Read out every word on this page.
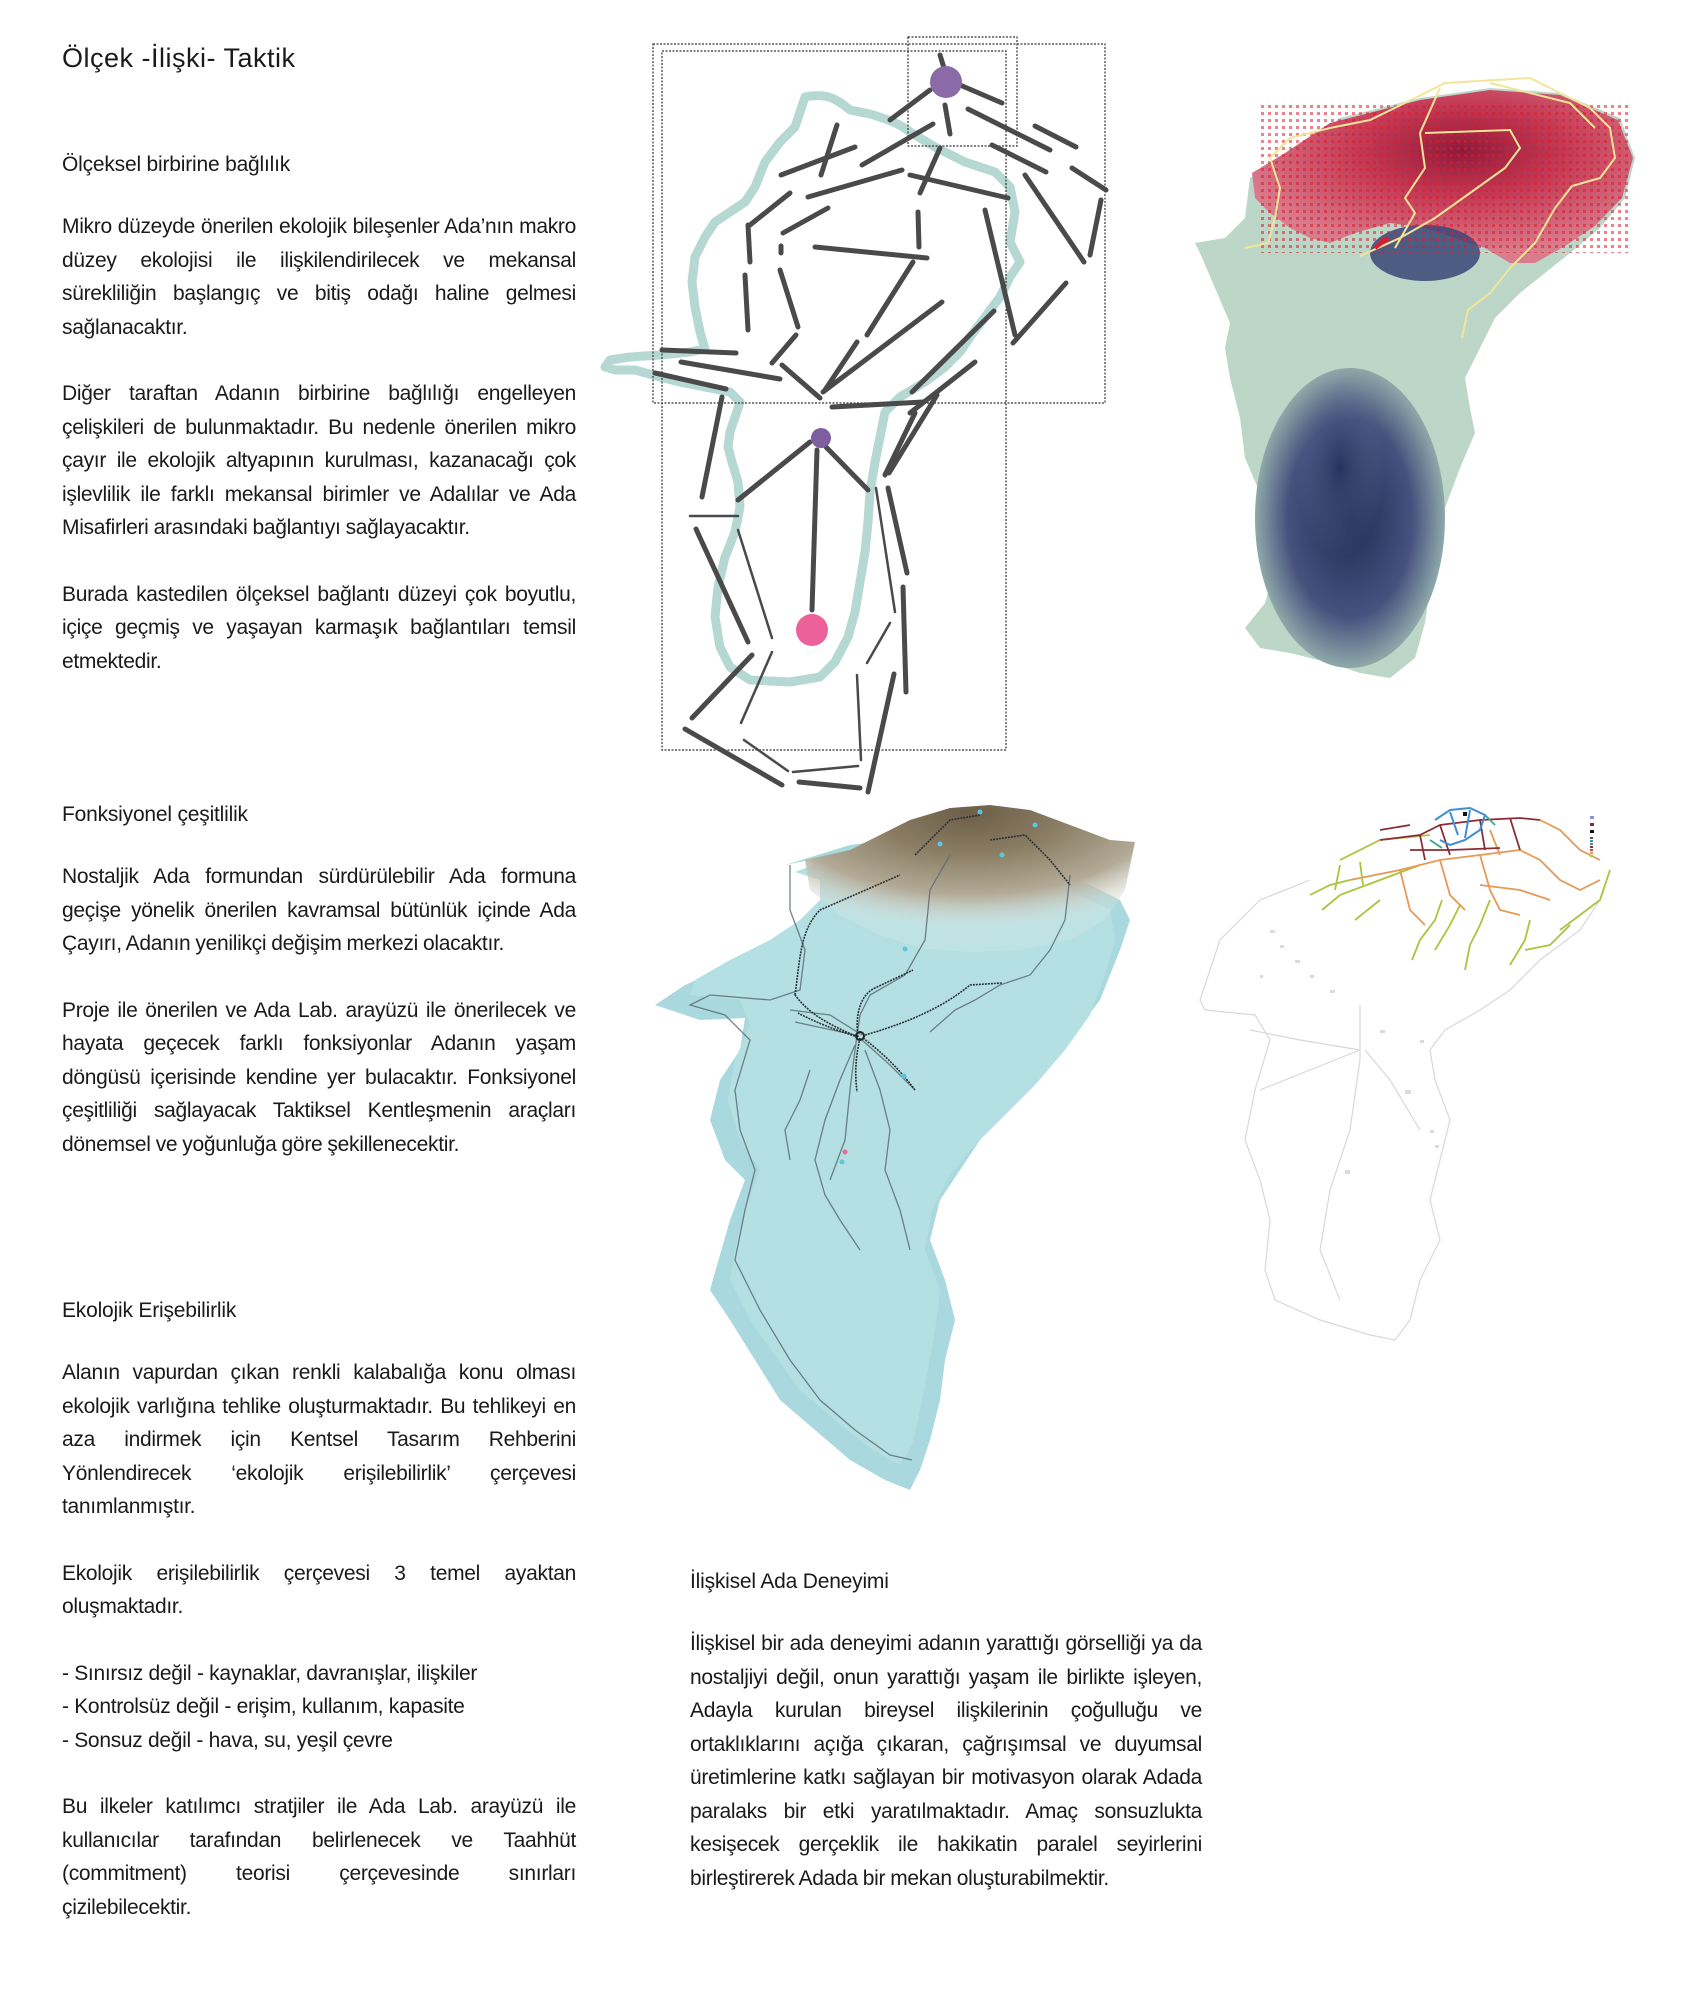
Ölçek -İlişki- Taktik
Ölçeksel birbirine bağlılık

Mikro düzeyde önerilen ekolojik bileşenler Ada’nın makro düzey ekolojisi ile ilişkilendirilecek ve mekansal sürekliliğin başlangıç ve bitiş odağı haline gelmesi sağlanacaktır.

Diğer taraftan Adanın birbirine bağlılığı engelleyen çelişkileri de bulunmaktadır. Bu nedenle önerilen mikro çayır ile ekolojik altyapının kurulması, kazanacağı çok işlevlilik ile farklı mekansal birimler ve Adalılar ve Ada Misafirleri arasındaki bağlantıyı sağlayacaktır.

Burada kastedilen ölçeksel bağlantı düzeyi çok boyutlu, içiçe geçmiş ve yaşayan karmaşık bağlantıları temsil etmektedir.

Fonksiyonel çeşitlilik

Nostaljik Ada formundan sürdürülebilir Ada formuna geçişe yönelik önerilen kavramsal bütünlük içinde Ada Çayırı, Adanın yenilikçi değişim merkezi olacaktır.

Proje ile önerilen ve Ada Lab. arayüzü ile önerilecek ve hayata geçecek farklı fonksiyonlar Adanın yaşam döngüsü içerisinde kendine yer bulacaktır. Fonksiyonel çeşitliliği sağlayacak Taktiksel Kentleşmenin araçları dönemsel ve yoğunluğa göre şekillenecektir.

Ekolojik Erişebilirlik

Alanın vapurdan çıkan renkli kalabalığa konu olması ekolojik varlığına tehlike oluşturmaktadır. Bu tehlikeyi en aza indirmek için Kentsel Tasarım Rehberini Yönlendirecek ‘ekolojik erişilebilirlik’ çerçevesi tanımlanmıştır.

Ekolojik erişilebilirlik çerçevesi 3 temel ayaktan oluşmaktadır.

- Sınırsız değil - kaynaklar, davranışlar, ilişkiler
- Kontrolsüz değil - erişim, kullanım, kapasite
- Sonsuz değil - hava, su, yeşil çevre

Bu ilkeler katılımcı stratjiler ile Ada Lab. arayüzü ile kullanıcılar tarafından belirlenecek ve Taahhüt (commitment) teorisi çerçevesinde sınırları çizilebilecektir.

İlişkisel Ada Deneyimi

İlişkisel bir ada deneyimi adanın yarattığı görselliği ya da nostaljiyi değil, onun yarattığı yaşam ile birlikte işleyen, Adayla kurulan bireysel ilişkilerinin çoğulluğu ve ortaklıklarını açığa çıkaran, çağrışımsal ve duyumsal üretimlerine katkı sağlayan bir motivasyon olarak Adada paralaks bir etki yaratılmaktadır. Amaç sonsuzlukta kesişecek gerçeklik ile hakikatin paralel seyirlerini birleştirerek Adada bir mekan oluşturabilmektir.
